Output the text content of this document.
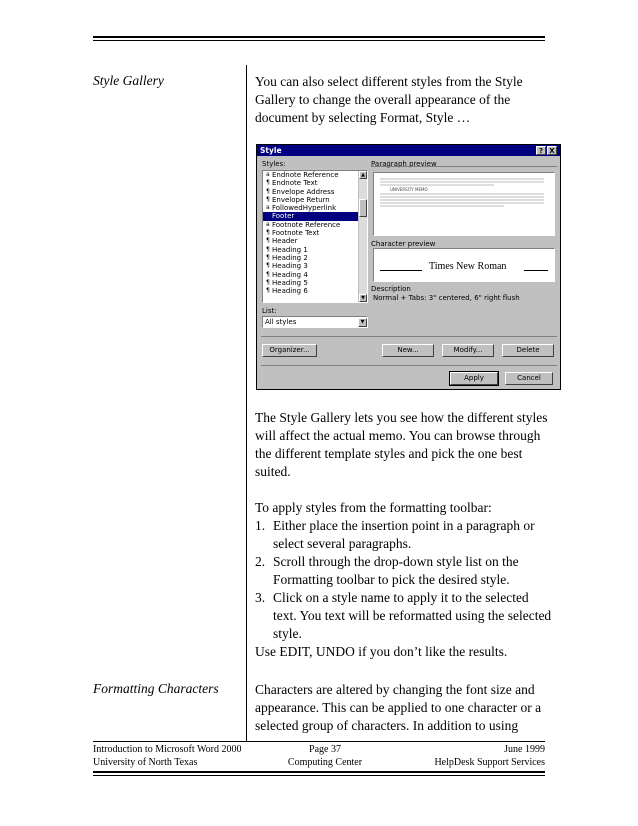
Style Gallery	You can also select different styles from the Style Gallery to change the overall appearance of the document by selecting Format, Style …

Style	? X
Styles:
a Endnote Reference
¶ Endnote Text
¶ Envelope Address
¶ Envelope Return
a FollowedHyperlink
Footer
a Footnote Reference
¶ Footnote Text
¶ Header
¶ Heading 1
¶ Heading 2
¶ Heading 3
¶ Heading 4
¶ Heading 5
¶ Heading 6
▲
▼
Paragraph preview
UNIVERSITY MEMO
Character preview
Times New Roman
Description
Normal + Tabs: 3" centered, 6" right flush
List:
All styles	▼
Organizer...	New...	Modify...	Delete
Apply	Cancel

The Style Gallery lets you see how the different styles will affect the actual memo. You can browse through the different template styles and pick the one best suited.

To apply styles from the formatting toolbar:

1. Either place the insertion point in a paragraph or select several paragraphs.
2. Scroll through the drop-down style list on the Formatting toolbar to pick the desired style.
3. Click on a style name to apply it to the selected text. You text will be reformatted using the selected style.

Use EDIT, UNDO if you don’t like the results.

Formatting Characters	Characters are altered by changing the font size and appearance. This can be applied to one character or a selected group of characters. In addition to using

Introduction to Microsoft Word 2000
University of North Texas
Page 37
Computing Center
June 1999
HelpDesk Support Services
